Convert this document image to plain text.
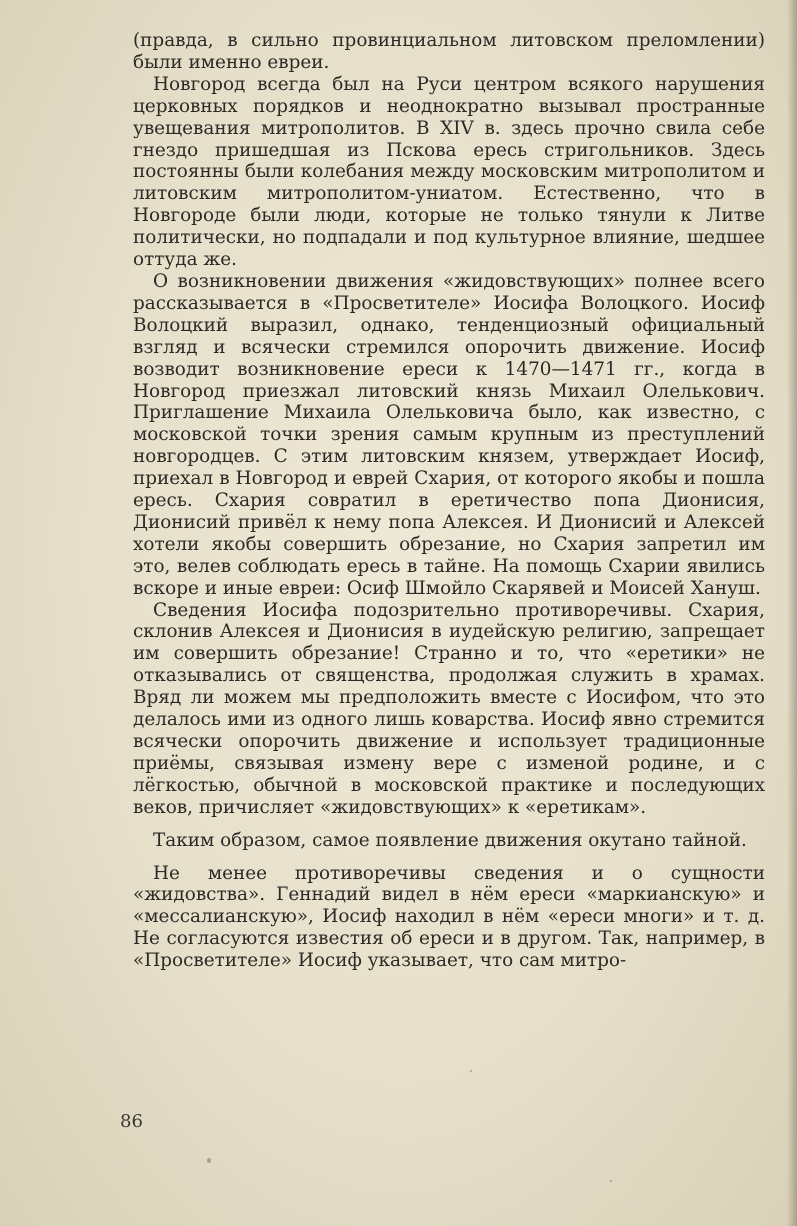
(правда, в сильно провинциальном литовском преломлении) были именно евреи.

Новгород всегда был на Руси центром всякого нарушения церковных порядков и неоднократно вызывал пространные увещевания митрополитов. В XIV в. здесь прочно свила себе гнездо пришедшая из Пскова ересь стригольников. Здесь постоянны были колебания между московским митрополитом и литовским митрополитом-униатом. Естественно, что в Новгороде были люди, которые не только тянули к Литве политически, но подпадали и под культурное влияние, шедшее оттуда же.

О возникновении движения «жидовствующих» полнее всего рассказывается в «Просветителе» Иосифа Волоцкого. Иосиф Волоцкий выразил, однако, тенденциозный официальный взгляд и всячески стремился опорочить движение. Иосиф возводит возникновение ереси к 1470—1471 гг., когда в Новгород приезжал литовский князь Михаил Олелькович. Приглашение Михаила Олельковича было, как известно, с московской точки зрения самым крупным из преступлений новгородцев. С этим литовским князем, утверждает Иосиф, приехал в Новгород и еврей Схария, от которого якобы и пошла ересь. Схария совратил в еретичество попа Дионисия, Дионисий привёл к нему попа Алексея. И Дионисий и Алексей хотели якобы совершить обрезание, но Схария запретил им это, велев соблюдать ересь в тайне. На помощь Схарии явились вскоре и иные евреи: Осиф Шмойло Скарявей и Моисей Хануш.

Сведения Иосифа подозрительно противоречивы. Схария, склонив Алексея и Дионисия в иудейскую религию, запрещает им совершить обрезание! Странно и то, что «еретики» не отказывались от священства, продолжая служить в храмах. Вряд ли можем мы предположить вместе с Иосифом, что это делалось ими из одного лишь коварства. Иосиф явно стремится всячески опорочить движение и использует традиционные приёмы, связывая измену вере с изменой родине, и с лёгкостью, обычной в московской практике и последующих веков, причисляет «жидовствующих» к «еретикам».

Таким образом, самое появление движения окутано тайной.

Не менее противоречивы сведения и о сущности «жидовства». Геннадий видел в нём ереси «маркианскую» и «мессалианскую», Иосиф находил в нём «ереси многи» и т. д. Не согласуются известия об ереси и в другом. Так, например, в «Просветителе» Иосиф указывает, что сам митро-

86
